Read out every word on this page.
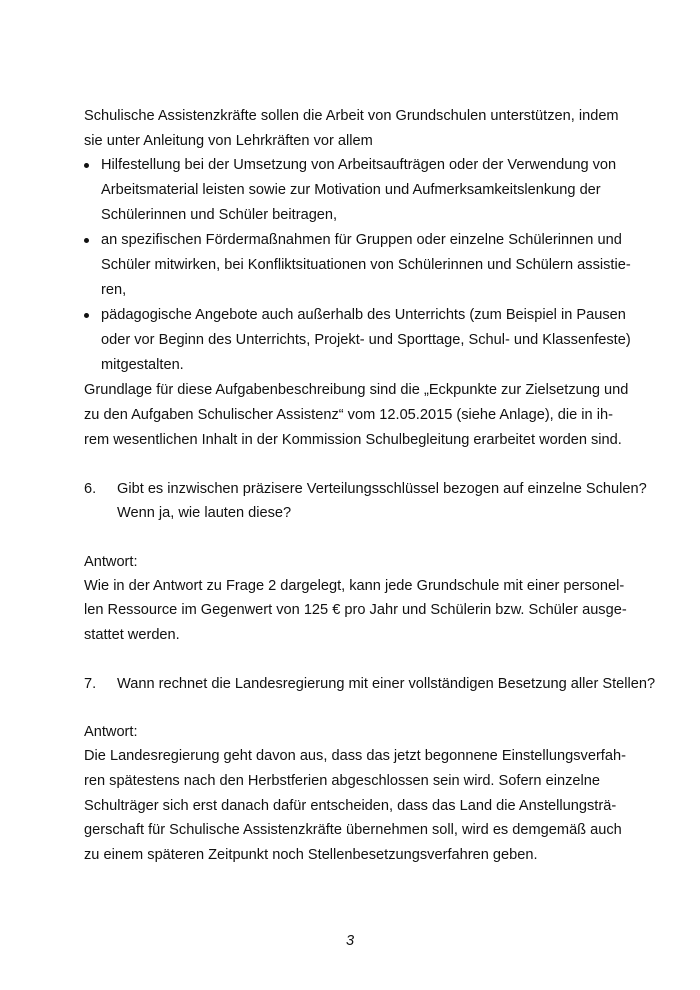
Schulische Assistenzkräfte sollen die Arbeit von Grundschulen unterstützen, indem

sie unter Anleitung von Lehrkräften vor allem

Hilfestellung bei der Umsetzung von Arbeitsaufträgen oder der Verwendung von

Arbeitsmaterial leisten sowie zur Motivation und Aufmerksamkeitslenkung der

Schülerinnen und Schüler beitragen,

an spezifischen Fördermaßnahmen für Gruppen oder einzelne Schülerinnen und

Schüler mitwirken, bei Konfliktsituationen von Schülerinnen und Schülern assistie-

ren,

pädagogische Angebote auch außerhalb des Unterrichts (zum Beispiel in Pausen

oder vor Beginn des Unterrichts, Projekt- und Sporttage, Schul- und Klassenfeste)

mitgestalten.

Grundlage für diese Aufgabenbeschreibung sind die „Eckpunkte zur Zielsetzung und

zu den Aufgaben Schulischer Assistenz“ vom 12.05.2015 (siehe Anlage), die in ih-

rem wesentlichen Inhalt in der Kommission Schulbegleitung erarbeitet worden sind.

6. Gibt es inzwischen präzisere Verteilungsschlüssel bezogen auf einzelne Schulen?

Wenn ja, wie lauten diese?

Antwort:

Wie in der Antwort zu Frage 2 dargelegt, kann jede Grundschule mit einer personel-

len Ressource im Gegenwert von 125 € pro Jahr und Schülerin bzw. Schüler ausge-

stattet werden.

7. Wann rechnet die Landesregierung mit einer vollständigen Besetzung aller Stellen?

Antwort:

Die Landesregierung geht davon aus, dass das jetzt begonnene Einstellungsverfah-

ren spätestens nach den Herbstferien abgeschlossen sein wird. Sofern einzelne

Schulträger sich erst danach dafür entscheiden, dass das Land die Anstellungsträ-

gerschaft für Schulische Assistenzkräfte übernehmen soll, wird es demgemäß auch

zu einem späteren Zeitpunkt noch Stellenbesetzungsverfahren geben.

3
